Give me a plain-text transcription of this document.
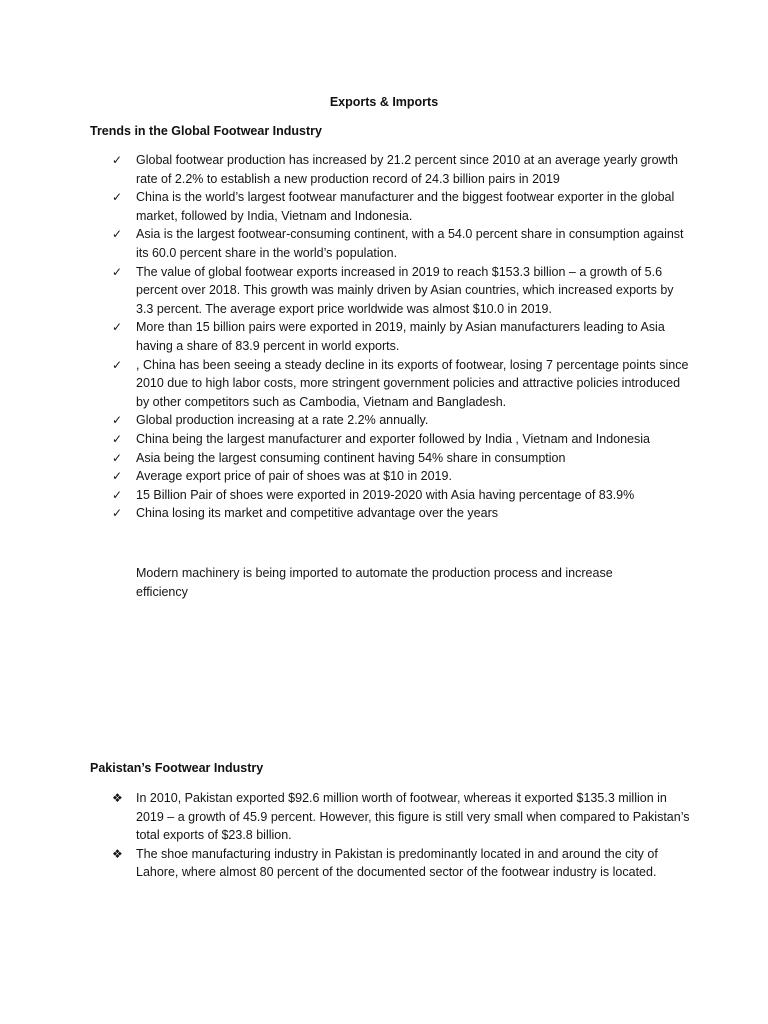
Exports & Imports
Trends in the Global Footwear Industry
✓	Global footwear production has increased by 21.2 percent since 2010 at an average yearly growth rate of 2.2% to establish a new production record of 24.3 billion pairs in 2019
✓	China is the world’s largest footwear manufacturer and the biggest footwear exporter in the global market, followed by India, Vietnam and Indonesia.
✓	Asia is the largest footwear-consuming continent, with a 54.0 percent share in consumption against its 60.0 percent share in the world’s population.
✓	The value of global footwear exports increased in 2019 to reach $153.3 billion – a growth of 5.6 percent over 2018. This growth was mainly driven by Asian countries, which increased exports by 3.3 percent. The average export price worldwide was almost $10.0 in 2019.
✓	More than 15 billion pairs were exported in 2019, mainly by Asian manufacturers leading to Asia having a share of 83.9 percent in world exports.
✓	, China has been seeing a steady decline in its exports of footwear, losing 7 percentage points since 2010 due to high labor costs, more stringent government policies and attractive policies introduced by other competitors such as Cambodia, Vietnam and Bangladesh.
✓	Global production increasing at a rate 2.2% annually.
✓	China being the largest manufacturer and exporter followed by India , Vietnam and Indonesia
✓	Asia being the largest consuming continent having 54% share in consumption
✓	Average export price of pair of shoes was at $10 in 2019.
✓	15 Billion Pair of shoes were exported in 2019-2020 with Asia having percentage of 83.9%
✓	China losing its market and competitive advantage over the years
Modern machinery is being imported to automate the production process and increase efficiency
Pakistan’s Footwear Industry
❖ In 2010, Pakistan exported $92.6 million worth of footwear, whereas it exported $135.3 million in 2019 – a growth of 45.9 percent. However, this figure is still very small when compared to Pakistan’s total exports of $23.8 billion.
❖ The shoe manufacturing industry in Pakistan is predominantly located in and around the city of Lahore, where almost 80 percent of the documented sector of the footwear industry is located.
